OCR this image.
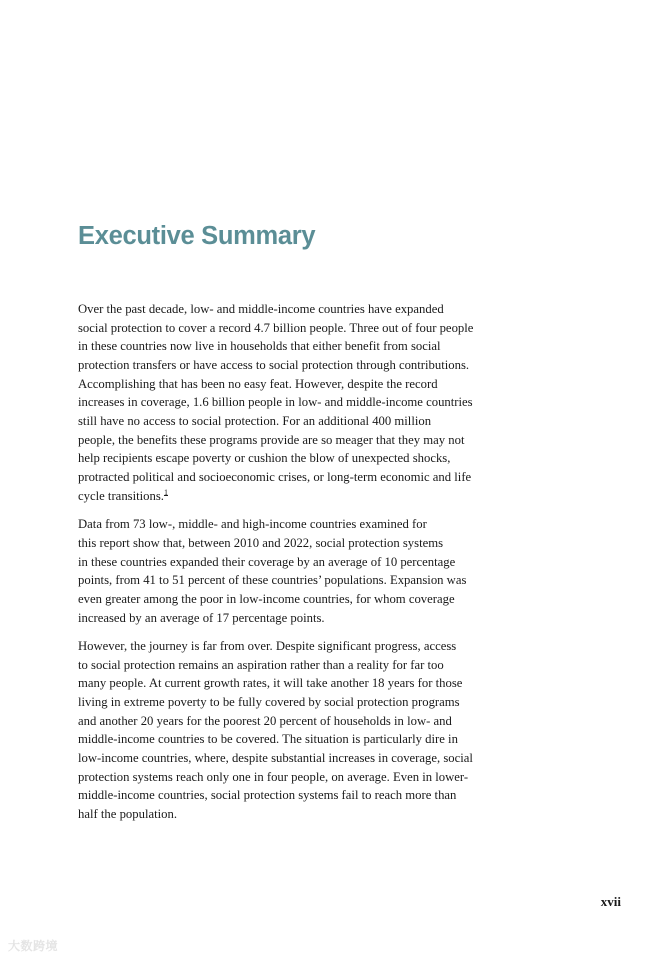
Executive Summary

Over the past decade, low- and middle-income countries have expanded
social protection to cover a record 4.7 billion people. Three out of four people
in these countries now live in households that either benefit from social
protection transfers or have access to social protection through contributions.
Accomplishing that has been no easy feat. However, despite the record
increases in coverage, 1.6 billion people in low- and middle-income countries
still have no access to social protection. For an additional 400 million
people, the benefits these programs provide are so meager that they may not
help recipients escape poverty or cushion the blow of unexpected shocks,
protracted political and socioeconomic crises, or long-term economic and life
cycle transitions.$^1$

Data from 73 low-, middle- and high-income countries examined for
this report show that, between 2010 and 2022, social protection systems
in these countries expanded their coverage by an average of 10 percentage
points, from 41 to 51 percent of these countries’ populations. Expansion was
even greater among the poor in low-income countries, for whom coverage
increased by an average of 17 percentage points.

However, the journey is far from over. Despite significant progress, access
to social protection remains an aspiration rather than a reality for far too
many people. At current growth rates, it will take another 18 years for those
living in extreme poverty to be fully covered by social protection programs
and another 20 years for the poorest 20 percent of households in low- and
middle-income countries to be covered. The situation is particularly dire in
low-income countries, where, despite substantial increases in coverage, social
protection systems reach only one in four people, on average. Even in lower-
middle-income countries, social protection systems fail to reach more than
half the population.

xvii
大数跨境
